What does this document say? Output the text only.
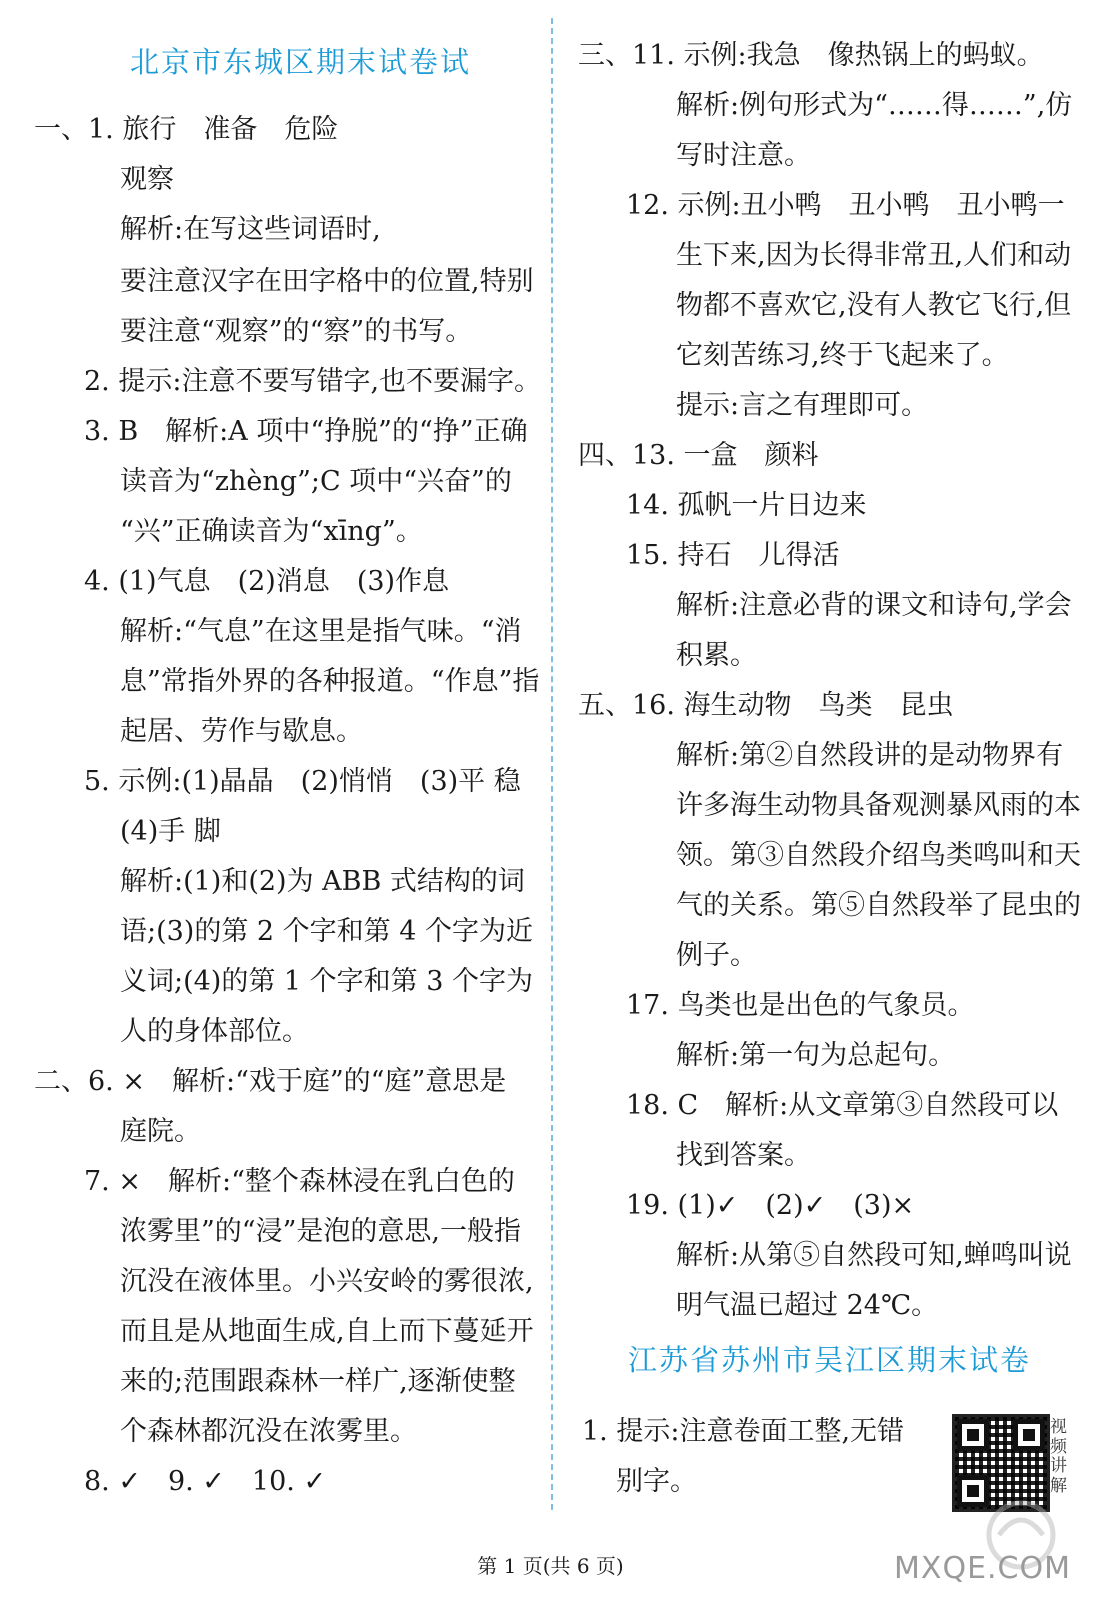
北京市东城区期末试卷试
一、1. 旅行　准备　危险
观察
解析:在写这些词语时,
要注意汉字在田字格中的位置,特别
要注意“观察”的“察”的书写。
2. 提示:注意不要写错字,也不要漏字。
3. B　解析:A 项中“挣脱”的“挣”正确
读音为“zhèng”;C 项中“兴奋”的
“兴”正确读音为“xīng”。
4. (1)气息　(2)消息　(3)作息
解析:“气息”在这里是指气味。“消
息”常指外界的各种报道。“作息”指
起居、劳作与歇息。
5. 示例:(1)晶晶　(2)悄悄　(3)平 稳
(4)手 脚
解析:(1)和(2)为 ABB 式结构的词
语;(3)的第 2 个字和第 4 个字为近
义词;(4)的第 1 个字和第 3 个字为
人的身体部位。
二、6. ×　解析:“戏于庭”的“庭”意思是
庭院。
7. ×　解析:“整个森林浸在乳白色的
浓雾里”的“浸”是泡的意思,一般指
沉没在液体里。小兴安岭的雾很浓,
而且是从地面生成,自上而下蔓延开
来的;范围跟森林一样广,逐渐使整
个森林都沉没在浓雾里。
8. ✓　9. ✓　10. ✓
三、11. 示例:我急　像热锅上的蚂蚁。
解析:例句形式为“……得……”,仿
写时注意。
12. 示例:丑小鸭　丑小鸭　丑小鸭一
生下来,因为长得非常丑,人们和动
物都不喜欢它,没有人教它飞行,但
它刻苦练习,终于飞起来了。
提示:言之有理即可。
四、13. 一盒　颜料
14. 孤帆一片日边来
15. 持石　儿得活
解析:注意必背的课文和诗句,学会
积累。
五、16. 海生动物　鸟类　昆虫
解析:第②自然段讲的是动物界有
许多海生动物具备观测暴风雨的本
领。第③自然段介绍鸟类鸣叫和天
气的关系。第⑤自然段举了昆虫的
例子。
17. 鸟类也是出色的气象员。
解析:第一句为总起句。
18. C　解析:从文章第③自然段可以
找到答案。
19. (1)✓　(2)✓　(3)×
解析:从第⑤自然段可知,蝉鸣叫说
明气温已超过 24℃。
江苏省苏州市吴江区期末试卷
1. 提示:注意卷面工整,无错
别字。
视频讲解
第 1 页(共 6 页)	MXQE.COM
